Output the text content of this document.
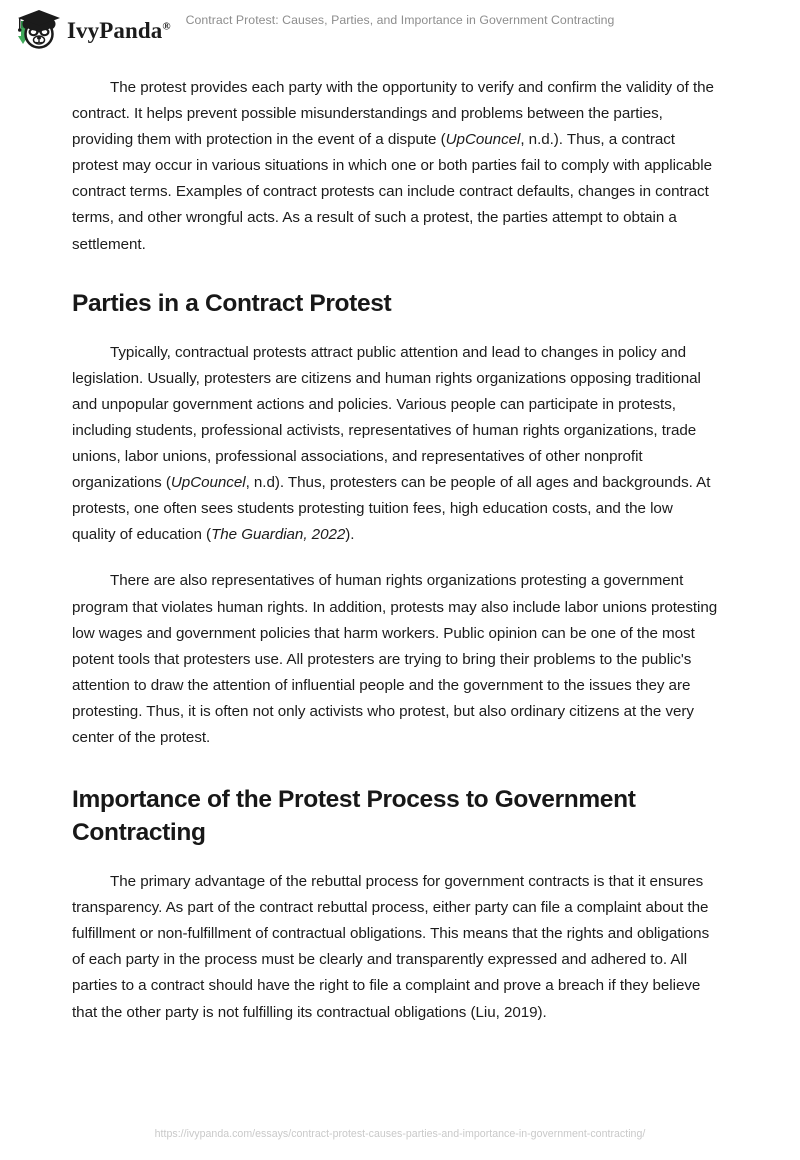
IvyPanda®	Contract Protest: Causes, Parties, and Importance in Government Contracting

The protest provides each party with the opportunity to verify and confirm the validity of the contract. It helps prevent possible misunderstandings and problems between the parties, providing them with protection in the event of a dispute (UpCouncel, n.d.). Thus, a contract protest may occur in various situations in which one or both parties fail to comply with applicable contract terms. Examples of contract protests can include contract defaults, changes in contract terms, and other wrongful acts. As a result of such a protest, the parties attempt to obtain a settlement.

Parties in a Contract Protest

Typically, contractual protests attract public attention and lead to changes in policy and legislation. Usually, protesters are citizens and human rights organizations opposing traditional and unpopular government actions and policies. Various people can participate in protests, including students, professional activists, representatives of human rights organizations, trade unions, labor unions, professional associations, and representatives of other nonprofit organizations (UpCouncel, n.d). Thus, protesters can be people of all ages and backgrounds. At protests, one often sees students protesting tuition fees, high education costs, and the low quality of education (The Guardian, 2022).

There are also representatives of human rights organizations protesting a government program that violates human rights. In addition, protests may also include labor unions protesting low wages and government policies that harm workers. Public opinion can be one of the most potent tools that protesters use. All protesters are trying to bring their problems to the public's attention to draw the attention of influential people and the government to the issues they are protesting. Thus, it is often not only activists who protest, but also ordinary citizens at the very center of the protest.

Importance of the Protest Process to Government Contracting

The primary advantage of the rebuttal process for government contracts is that it ensures transparency. As part of the contract rebuttal process, either party can file a complaint about the fulfillment or non-fulfillment of contractual obligations. This means that the rights and obligations of each party in the process must be clearly and transparently expressed and adhered to. All parties to a contract should have the right to file a complaint and prove a breach if they believe that the other party is not fulfilling its contractual obligations (Liu, 2019).

https://ivypanda.com/essays/contract-protest-causes-parties-and-importance-in-government-contracting/
